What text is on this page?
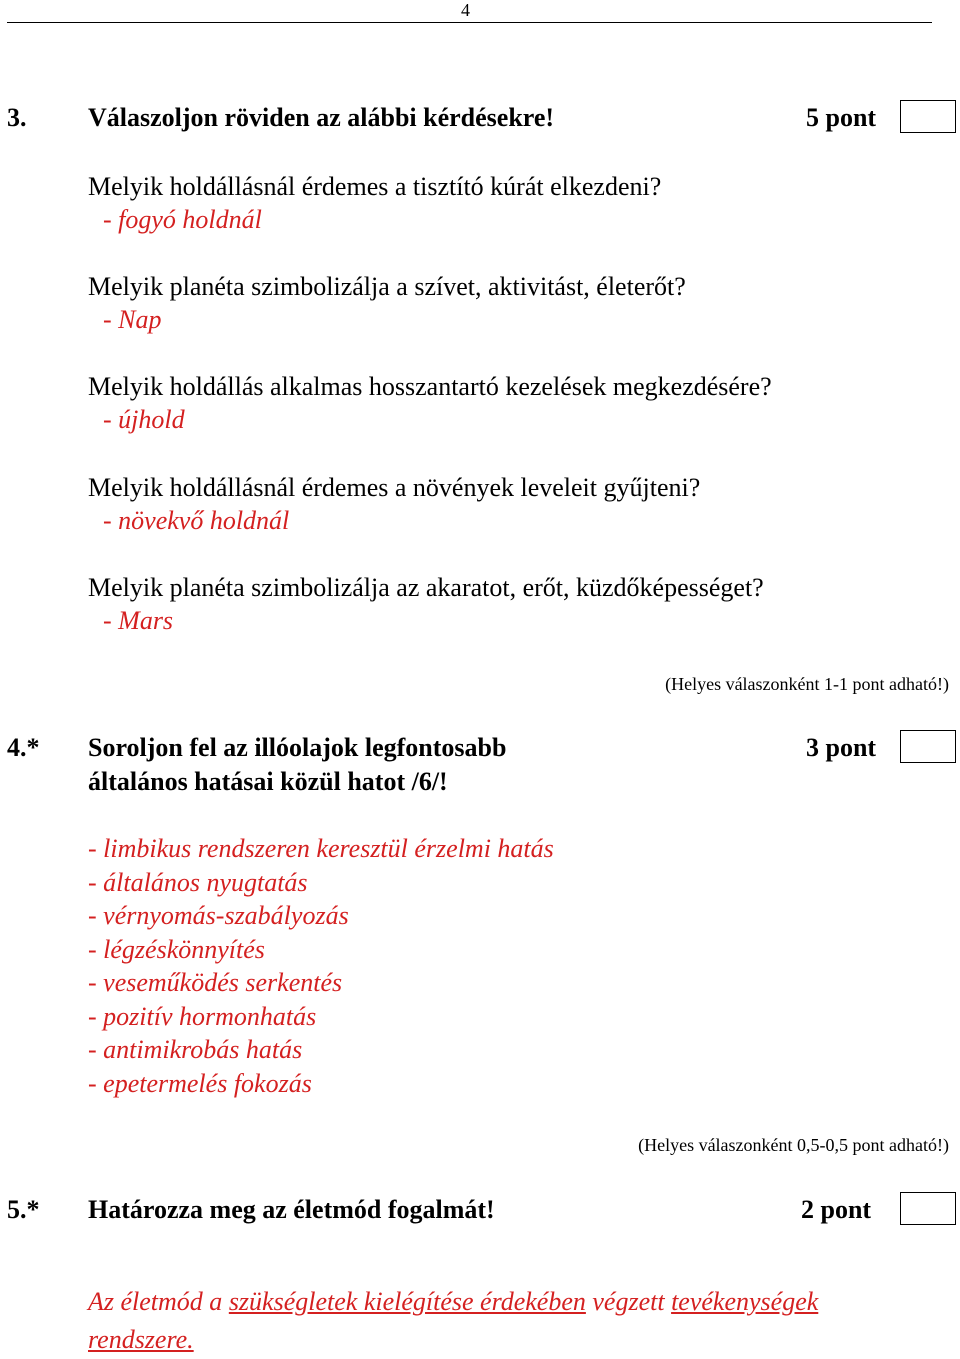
4
3. Válaszoljon röviden az alábbi kérdésekre!	5 pont
Melyik holdállásnál érdemes a tisztító kúrát elkezdeni?
- fogyó holdnál
Melyik planéta szimbolizálja a szívet, aktivitást, életerőt?
- Nap
Melyik holdállás alkalmas hosszantartó kezelések megkezdésére?
- újhold
Melyik holdállásnál érdemes a növények leveleit gyűjteni?
- növekvő holdnál
Melyik planéta szimbolizálja az akaratot, erőt, küzdőképességet?
- Mars
(Helyes válaszonként 1-1 pont adható!)
4.* Soroljon fel az illóolajok legfontosabb
általános hatásai közül hatot /6/!
3 pont
- limbikus rendszeren keresztül érzelmi hatás
- általános nyugtatás
- vérnyomás-szabályozás
- légzéskönnyítés
- veseműködés serkentés
- pozitív hormonhatás
- antimikrobás hatás
- epetermelés fokozás
(Helyes válaszonként 0,5-0,5 pont adható!)
5.* Határozza meg az életmód fogalmát!	2 pont
Az életmód a szükségletek kielégítése érdekében végzett tevékenységek
rendszere.
